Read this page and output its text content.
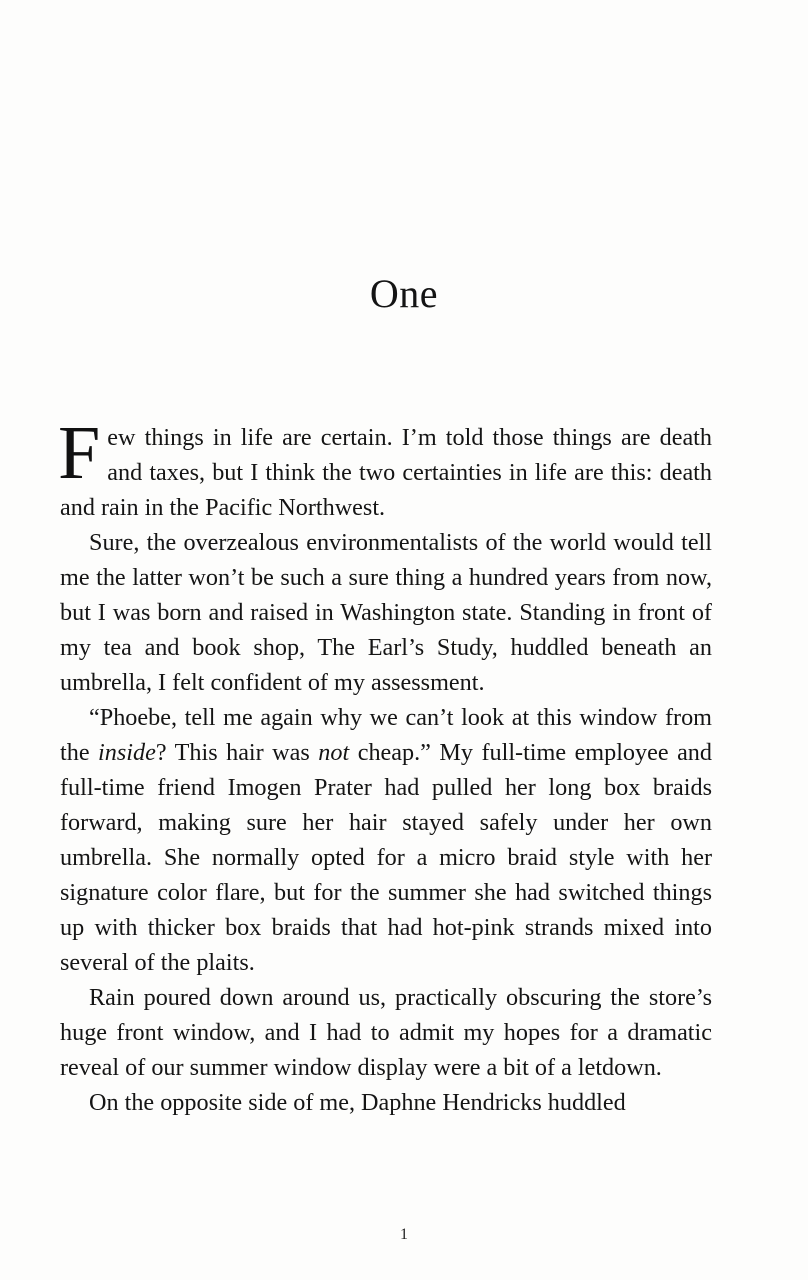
One

Few things in life are certain. I’m told those things are death and taxes, but I think the two certainties in life are this: death and rain in the Pacific Northwest.

Sure, the overzealous environmentalists of the world would tell me the latter won’t be such a sure thing a hundred years from now, but I was born and raised in Washington state. Standing in front of my tea and book shop, The Earl’s Study, huddled beneath an umbrella, I felt confident of my assessment.

“Phoebe, tell me again why we can’t look at this window from the inside? This hair was not cheap.” My full-time employee and full-time friend Imogen Prater had pulled her long box braids forward, making sure her hair stayed safely under her own umbrella. She normally opted for a micro braid style with her signature color flare, but for the summer she had switched things up with thicker box braids that had hot-pink strands mixed into several of the plaits.

Rain poured down around us, practically obscuring the store’s huge front window, and I had to admit my hopes for a dramatic reveal of our summer window display were a bit of a letdown.

On the opposite side of me, Daphne Hendricks huddled

1
